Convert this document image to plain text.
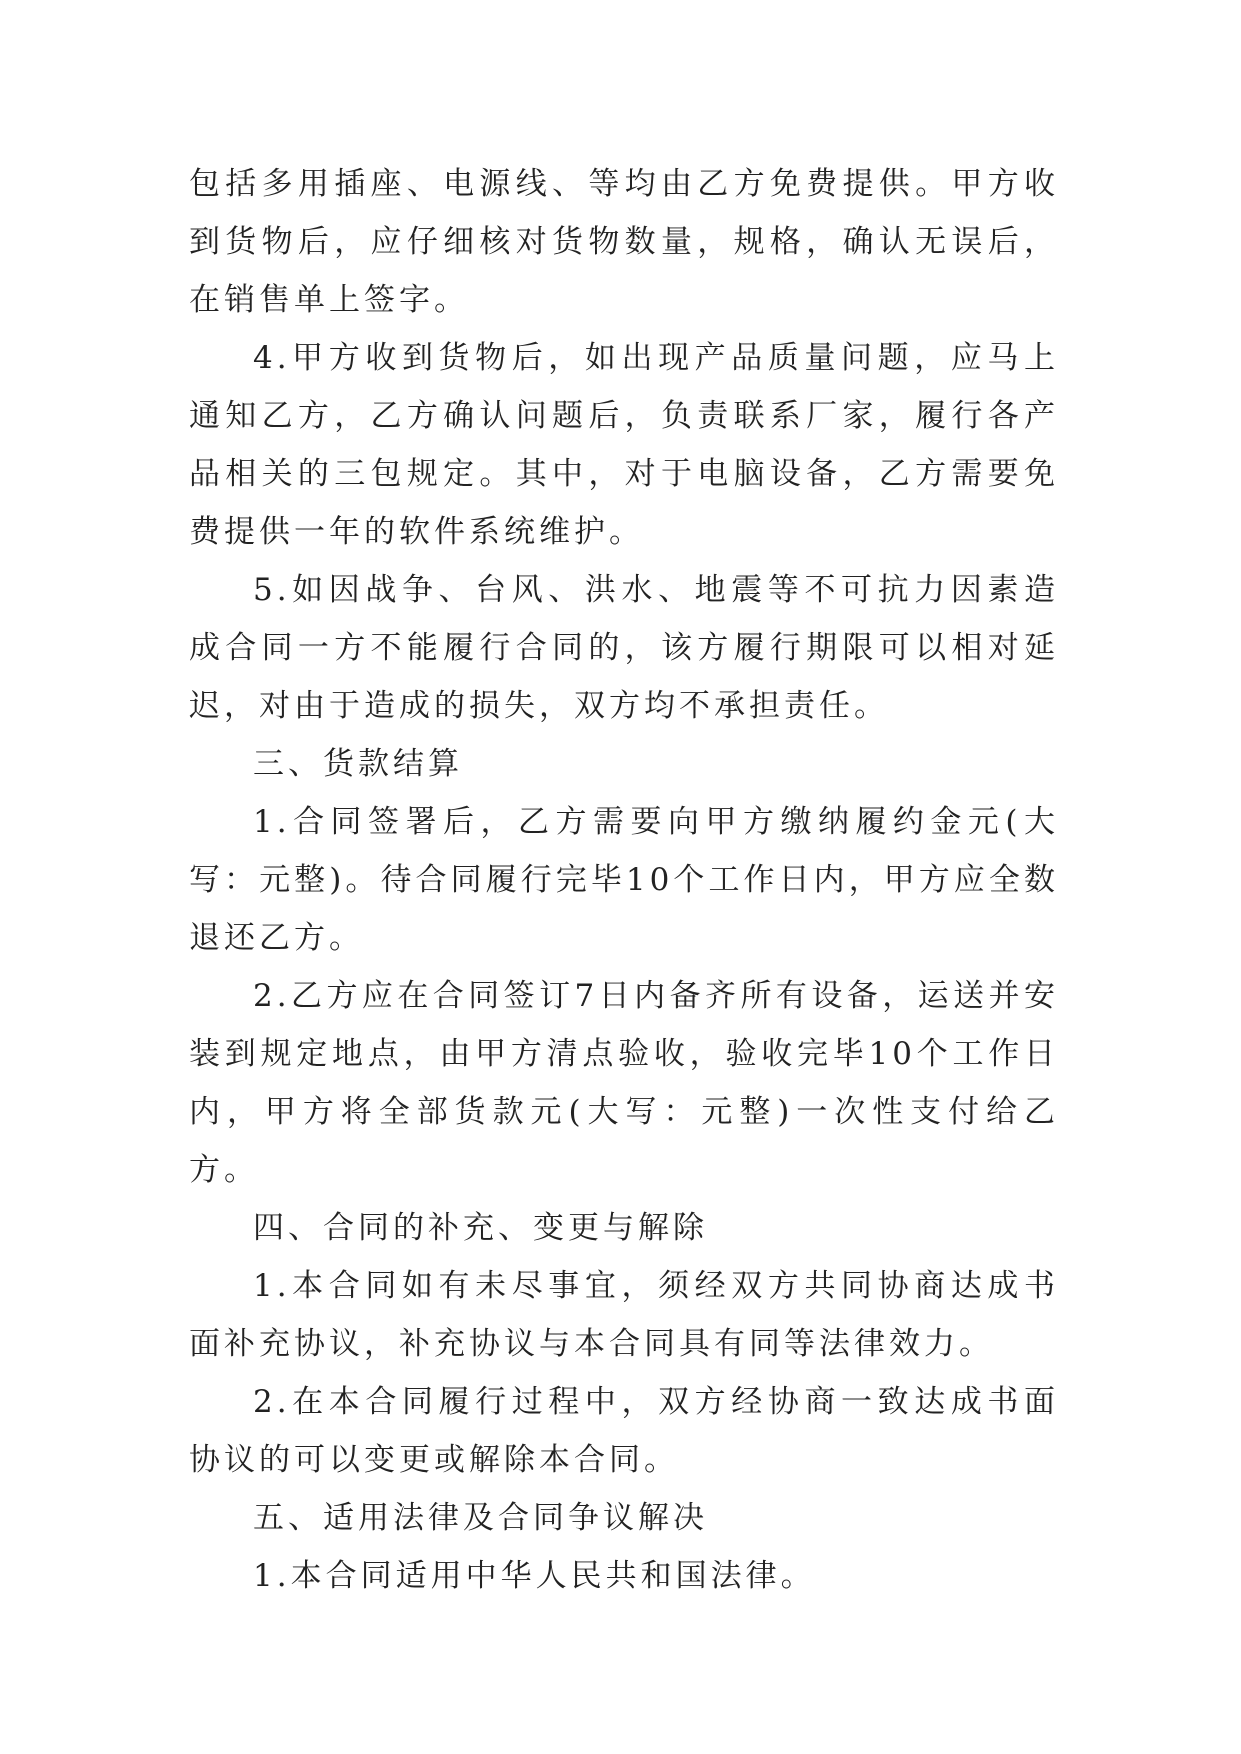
包括多用插座、电源线、等均由乙方免费提供。甲方收到货物后，应仔细核对货物数量，规格，确认无误后，在销售单上签字。

4.甲方收到货物后，如出现产品质量问题，应马上通知乙方，乙方确认问题后，负责联系厂家，履行各产品相关的三包规定。其中，对于电脑设备，乙方需要免费提供一年的软件系统维护。

5.如因战争、台风、洪水、地震等不可抗力因素造成合同一方不能履行合同的，该方履行期限可以相对延迟，对由于造成的损失，双方均不承担责任。

三、货款结算

1.合同签署后，乙方需要向甲方缴纳履约金元(大写：元整)。待合同履行完毕10个工作日内，甲方应全数退还乙方。

2.乙方应在合同签订7日内备齐所有设备，运送并安装到规定地点，由甲方清点验收，验收完毕10个工作日内，甲方将全部货款元(大写：元整)一次性支付给乙方。

四、合同的补充、变更与解除

1.本合同如有未尽事宜，须经双方共同协商达成书面补充协议，补充协议与本合同具有同等法律效力。

2.在本合同履行过程中，双方经协商一致达成书面协议的可以变更或解除本合同。

五、适用法律及合同争议解决

1.本合同适用中华人民共和国法律。
